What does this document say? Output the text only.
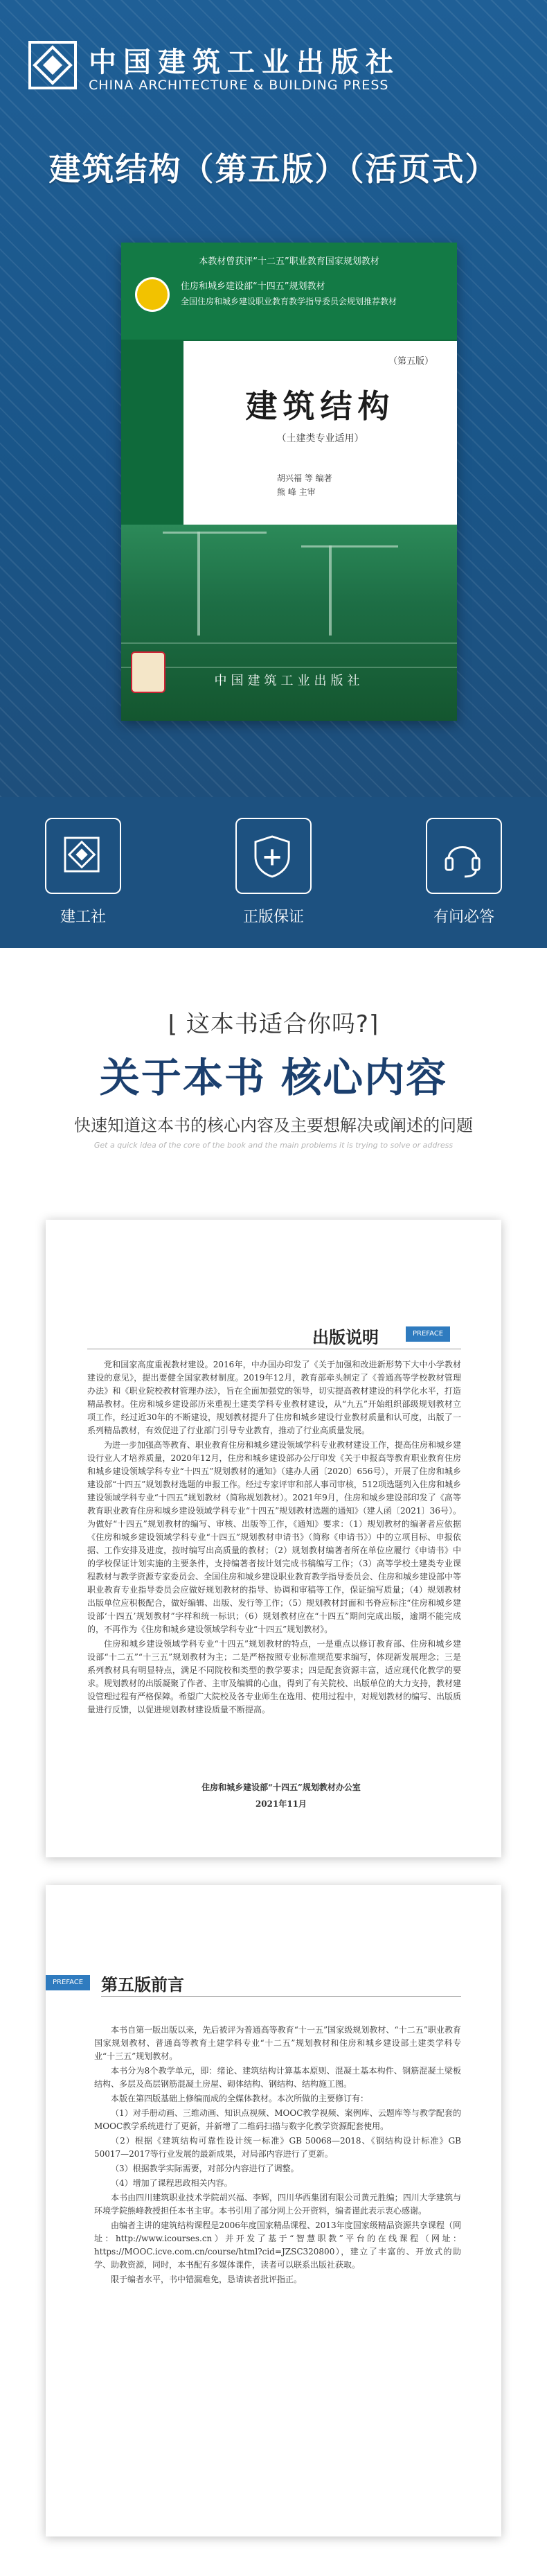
中国建筑工业出版社
CHINA ARCHITECTURE & BUILDING PRESS
建筑结构（第五版）（活页式）
本教材曾获评“十二五”职业教育国家规划教材
住房和城乡建设部“十四五”规划教材
全国住房和城乡建设职业教育教学指导委员会规划推荐教材
（第五版）
建筑结构
（土建类专业适用）
胡兴福 等 编著
熊 峰 主审
中国建筑工业出版社
建工社	正版保证	有问必答
⌊ 这本书适合你吗?⌉
关于本书 核心内容
快速知道这本书的核心内容及主要想解决或阐述的问题
Get a quick idea of the core of the book and the main problems it is trying to solve or address
出版说明	PREFACE

党和国家高度重视教材建设。2016年，中办国办印发了《关于加强和改进新形势下大中小学教材建设的意见》，提出要健全国家教材制度。2019年12月，教育部牵头制定了《普通高等学校教材管理办法》和《职业院校教材管理办法》，旨在全面加强党的领导，切实提高教材建设的科学化水平，打造精品教材。住房和城乡建设部历来重视土建类学科专业教材建设，从“九五”开始组织部级规划教材立项工作，经过近30年的不断建设，规划教材提升了住房和城乡建设行业教材质量和认可度，出版了一系列精品教材，有效促进了行业部门引导专业教育，推动了行业高质量发展。

为进一步加强高等教育、职业教育住房和城乡建设领域学科专业教材建设工作，提高住房和城乡建设行业人才培养质量，2020年12月，住房和城乡建设部办公厅印发《关于申报高等教育职业教育住房和城乡建设领域学科专业“十四五”规划教材的通知》（建办人函〔2020〕656号），开展了住房和城乡建设部“十四五”规划教材选题的申报工作。经过专家评审和部人事司审核，512项选题列入住房和城乡建设领域学科专业“十四五”规划教材（简称规划教材）。2021年9月，住房和城乡建设部印发了《高等教育职业教育住房和城乡建设领域学科专业“十四五”规划教材选题的通知》（建人函〔2021〕36号）。为做好“十四五”规划教材的编写、审核、出版等工作，《通知》要求：（1）规划教材的编著者应依据《住房和城乡建设领域学科专业“十四五”规划教材申请书》（简称《申请书》）中的立项目标、申报依据、工作安排及进度，按时编写出高质量的教材；（2）规划教材编著者所在单位应履行《申请书》中的学校保证计划实施的主要条件，支持编著者按计划完成书稿编写工作；（3）高等学校土建类专业课程教材与教学资源专家委员会、全国住房和城乡建设职业教育教学指导委员会、住房和城乡建设部中等职业教育专业指导委员会应做好规划教材的指导、协调和审稿等工作，保证编写质量；（4）规划教材出版单位应积极配合，做好编辑、出版、发行等工作；（5）规划教材封面和书脊应标注“住房和城乡建设部‘十四五’规划教材”字样和统一标识；（6）规划教材应在“十四五”期间完成出版，逾期不能完成的，不再作为《住房和城乡建设领域学科专业“十四五”规划教材》。

住房和城乡建设领域学科专业“十四五”规划教材的特点，一是重点以修订教育部、住房和城乡建设部“十二五”“十三五”规划教材为主；二是严格按照专业标准规范要求编写，体现新发展理念；三是系列教材具有明显特点，满足不同院校和类型的教学要求；四是配套资源丰富，适应现代化教学的要求。规划教材的出版凝聚了作者、主审及编辑的心血，得到了有关院校、出版单位的大力支持，教材建设管理过程有严格保障。希望广大院校及各专业师生在选用、使用过程中，对规划教材的编写、出版质量进行反馈，以促进规划教材建设质量不断提高。

住房和城乡建设部“十四五”规划教材办公室
2021年11月
PREFACE	第五版前言

本书自第一版出版以来，先后被评为普通高等教育“十一五”国家级规划教材、“十二五”职业教育国家规划教材、普通高等教育土建学科专业“十二五”规划教材和住房和城乡建设部土建类学科专业“十三五”规划教材。

本书分为8个教学单元，即：绪论、建筑结构计算基本原则、混凝土基本构件、钢筋混凝土梁板结构、多层及高层钢筋混凝土房屋、砌体结构、钢结构、结构施工图。

本版在第四版基础上修编而成的全媒体教材。本次所做的主要修订有：

（1）对手册动画、三维动画、知识点视频、MOOC教学视频、案例库、云题库等与教学配套的MOOC教学系统进行了更新，并新增了二维码扫描与数字化教学资源配套使用。

（2）根据《建筑结构可靠性设计统一标准》GB 50068—2018、《钢结构设计标准》GB 50017—2017等行业发展的最新成果，对局部内容进行了更新。

（3）根据教学实际需要，对部分内容进行了调整。

（4）增加了课程思政相关内容。

本书由四川建筑职业技术学院胡兴福、李辉，四川华西集团有限公司黄元胜编；四川大学建筑与环境学院熊峰教授担任本书主审。本书引用了部分网上公开资料，编者谨此表示衷心感谢。

由编者主讲的建筑结构课程是2006年度国家精品课程、2013年度国家级精品资源共享课程（网址：http://www.icourses.cn）并开发了基于“智慧职教”平台的在线课程（网址：https://MOOC.icve.com.cn/course/html?cid=JZSC320800），建立了丰富的、开放式的助学、助教资源，同时，本书配有多媒体课件，读者可以联系出版社获取。

限于编者水平，书中错漏难免，恳请读者批评指正。
